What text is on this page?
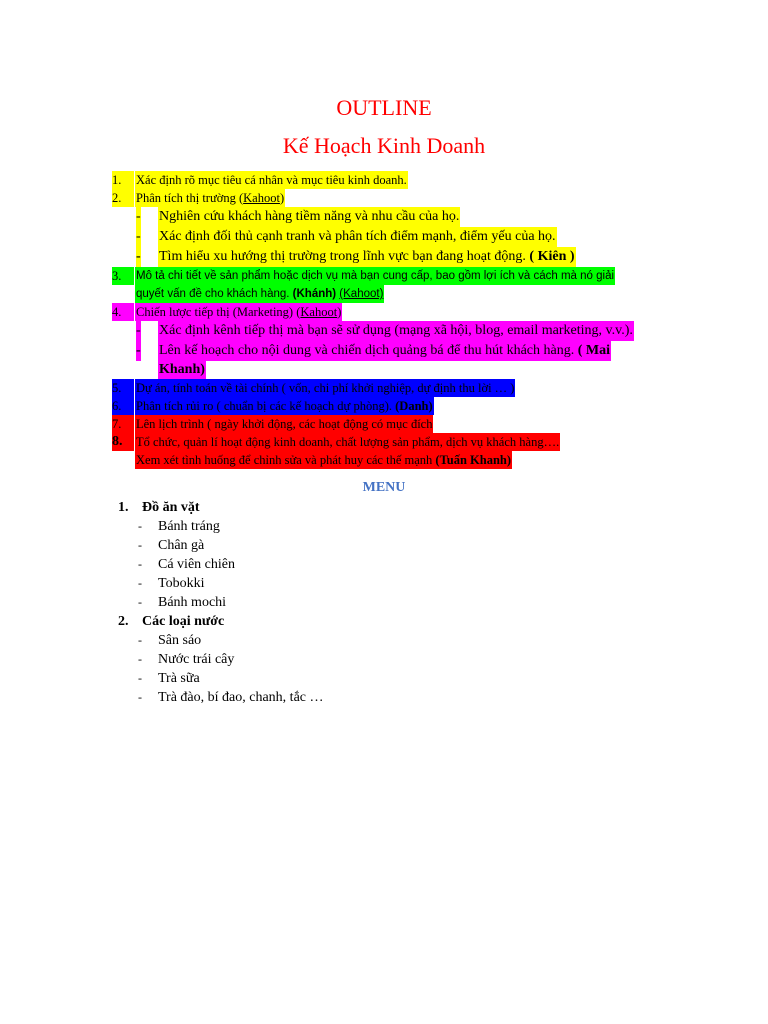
OUTLINE
Kế Hoạch Kinh Doanh
1.	Xác định rõ mục tiêu cá nhân và mục tiêu kinh doanh.
2.	Phân tích thị trường (Kahoot)
- Nghiên cứu khách hàng tiềm năng và nhu cầu của họ.
- Xác định đối thủ cạnh tranh và phân tích điểm mạnh, điểm yếu của họ.
- Tìm hiểu xu hướng thị trường trong lĩnh vực bạn đang hoạt động. ( Kiên )
3.	Mô tả chi tiết về sản phẩm hoặc dịch vụ mà bạn cung cấp, bao gồm lợi ích và cách mà nó giải
quyết vấn đề cho khách hàng. (Khánh) (Kahoot)
4.	Chiến lược tiếp thị (Marketing) (Kahoot)
- Xác định kênh tiếp thị mà bạn sẽ sử dụng (mạng xã hội, blog, email marketing, v.v.).
- Lên kế hoạch cho nội dung và chiến dịch quảng bá để thu hút khách hàng. ( Mai
Khanh)
5.	Dự án, tính toán về tài chính ( vốn, chi phí khởi nghiệp, dự định thu lời … )
6.	Phân tích rủi ro ( chuẩn bị các kế hoạch dự phòng). (Danh)
7.	Lên lịch trình ( ngày khởi động, các hoạt động có mục đích
8.	Tổ chức, quản lí hoạt động kinh doanh, chất lượng sản phẩm, dịch vụ khách hàng….
Xem xét tình huống để chỉnh sửa và phát huy các thế mạnh (Tuấn Khanh)
MENU
1. Đồ ăn vặt
- Bánh tráng
- Chân gà
- Cá viên chiên
- Tobokki
- Bánh mochi
2. Các loại nước
- Sân sáo
- Nước trái cây
- Trà sữa
- Trà đào, bí đao, chanh, tắc …
